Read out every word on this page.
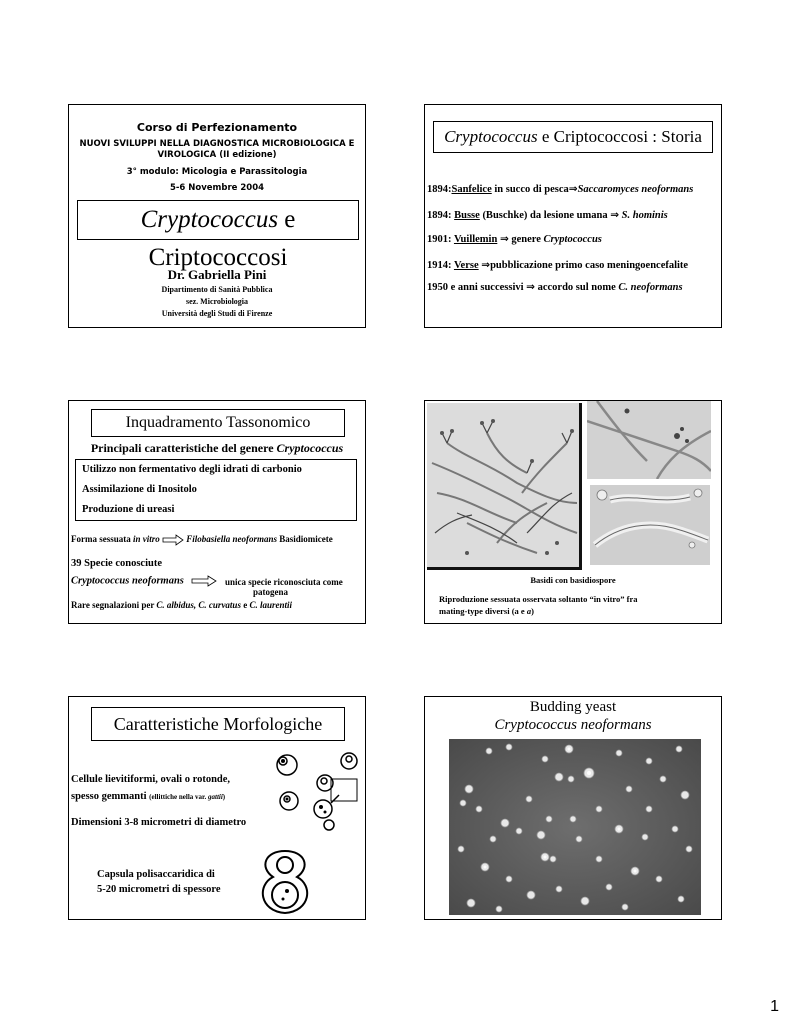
Corso di Perfezionamento
NUOVI SVILUPPI NELLA DIAGNOSTICA MICROBIOLOGICA E
VIROLOGICA (II edizione)
3° modulo: Micologia e Parassitologia
5-6 Novembre 2004
Cryptococcus e Criptococcosi
Dr. Gabriella Pini
Dipartimento di Sanità Pubblica
sez. Microbiologia
Università degli Studi di Firenze
Cryptococcus e Criptococcosi : Storia
1894:Sanfelice in succo di pesca⇒Saccaromyces neoformans
1894: Busse (Buschke) da lesione umana ⇒ S. hominis
1901: Vuillemin ⇒ genere Cryptococcus
1914: Verse ⇒pubblicazione primo caso meningoencefalite
1950 e anni successivi ⇒ accordo sul nome C. neoformans
Inquadramento Tassonomico
Principali caratteristiche del genere Cryptococcus
Utilizzo non fermentativo degli idrati di carbonio
Assimilazione di Inositolo
Produzione di ureasi
Forma sessuata in vitro	Filobasiella neoformans Basidiomicete
39 Specie conosciute
Cryptococcus neoformans	unica specie riconosciuta come
patogena
Rare segnalazioni per C. albidus, C. curvatus e C. laurentii
Basidi con basidiospore
Riproduzione sessuata osservata soltanto “in vitro” fra
mating-type diversi (a e a)
Caratteristiche Morfologiche
Cellule lievitiformi, ovali o rotonde,
spesso gemmanti (ellittiche nella var. gattii)
Dimensioni 3-8 micrometri di diametro
Capsula polisaccaridica di
5-20 micrometri di spessore
Budding yeast
Cryptococcus neoformans
1
